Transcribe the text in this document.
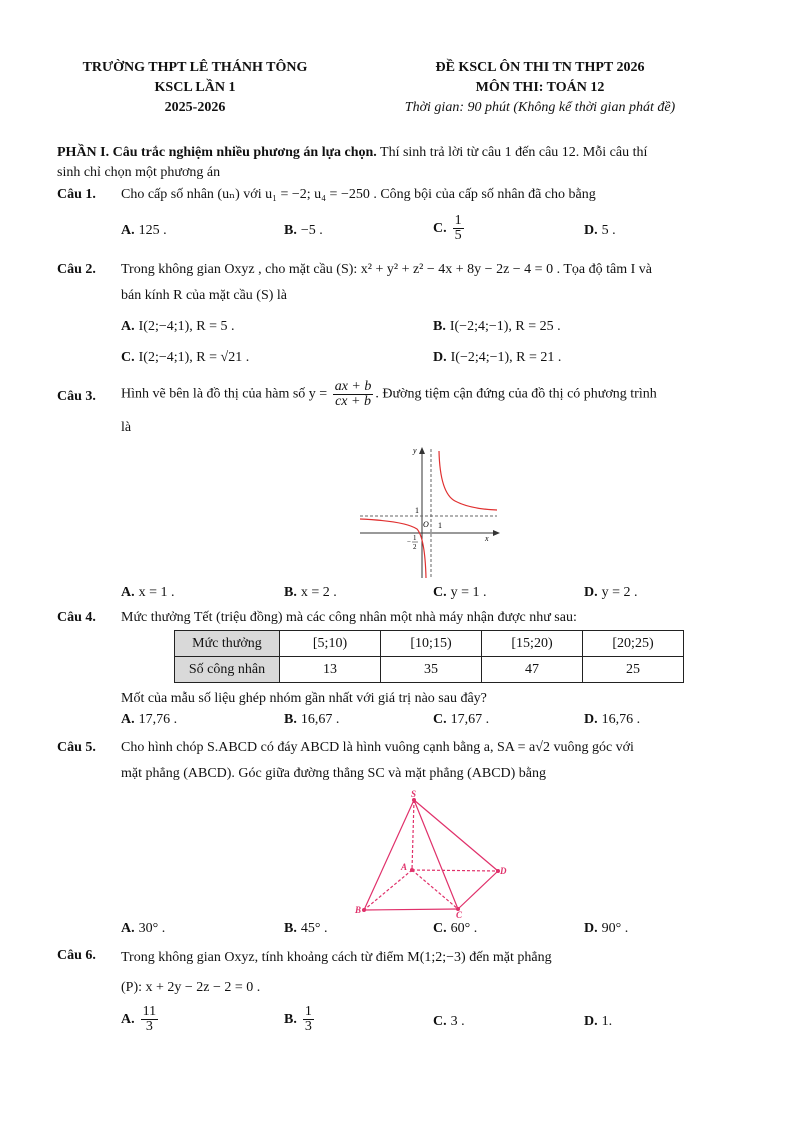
TRƯỜNG THPT LÊ THÁNH TÔNG
KSCL LẦN 1
2025-2026
ĐỀ KSCL ÔN THI TN THPT 2026
MÔN THI: TOÁN 12
Thời gian: 90 phút (Không kể thời gian phát đề)
PHẦN I. Câu trắc nghiệm nhiều phương án lựa chọn. Thí sinh trả lời từ câu 1 đến câu 12. Mỗi câu thí
sinh chỉ chọn một phương án
Câu 1. Cho cấp số nhân (uₙ) với u₁ = −2; u₄ = −250 . Công bội của cấp số nhân đã cho bằng
A. 125 .	B. −5 .	C. $\frac{1}{5}$	D. 5 .
Câu 2. Trong không gian Oxyz , cho mặt cầu (S): x² + y² + z² − 4x + 8y − 2z − 4 = 0 . Tọa độ tâm I và
bán kính R của mặt cầu (S) là
A. I(2;−4;1), R = 5 .	B. I(−2;4;−1), R = 25 .
C. I(2;−4;1), R = √21 .	D. I(−2;4;−1), R = 21 .
Câu 3. Hình vẽ bên là đồ thị của hàm số $y = \frac{ax + b}{cx + b}$ . Đường tiệm cận đứng của đồ thị có phương trình
là
y
x
O 1
1
− 1
2
A. x = 1 .	B. x = 2 .	C. y = 1 .	D. y = 2 .
Câu 4. Mức thưởng Tết (triệu đồng) mà các công nhân một nhà máy nhận được như sau:
Mức thưởng	[5;10)	[10;15)	[15;20)	[20;25)
Số công nhân	13	35	47	25
Mốt của mẫu số liệu ghép nhóm gần nhất với giá trị nào sau đây?
A. 17,76 .	B. 16,67 .	C. 17,67 .	D. 16,76 .
Câu 5. Cho hình chóp S.ABCD có đáy ABCD là hình vuông cạnh bằng a, SA = a√2 vuông góc với
mặt phẳng (ABCD). Góc giữa đường thẳng SC và mặt phẳng (ABCD) bằng
S
A
B	C
D
A. 30° .	B. 45° .	C. 60° .	D. 90° .
Câu 6. Trong không gian Oxyz, tính khoảng cách từ điểm M(1;2;−3) đến mặt phẳng
(P): x + 2y − 2z − 2 = 0 .
A. $\frac{11}{3}$	B. $\frac{1}{3}$	C. 3 .	D. 1.
